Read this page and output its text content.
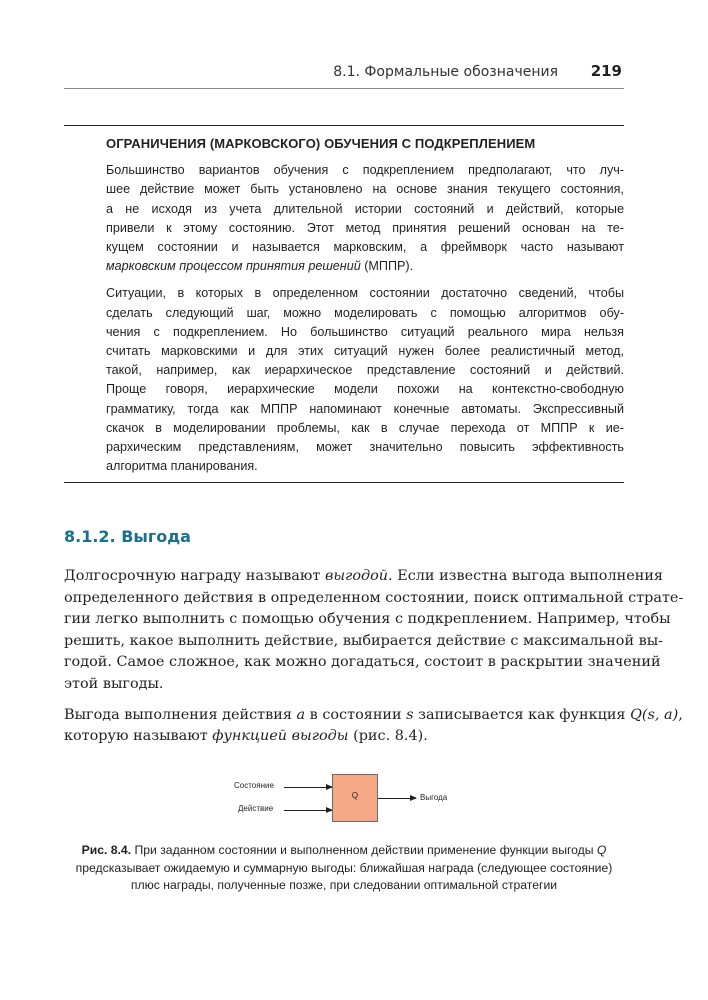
8.1. Формальные обозначения 219
ОГРАНИЧЕНИЯ (МАРКОВСКОГО) ОБУЧЕНИЯ С ПОДКРЕПЛЕНИЕМ

Большинство вариантов обучения с подкреплением предполагают, что луч-
шее действие может быть установлено на основе знания текущего состояния,
а не исходя из учета длительной истории состояний и действий, которые
привели к этому состоянию. Этот метод принятия решений основан на те-
кущем состоянии и называется марковским, а фреймворк часто называют
марковским процессом принятия решений (МППР).

Ситуации, в которых в определенном состоянии достаточно сведений, чтобы
сделать следующий шаг, можно моделировать с помощью алгоритмов обу-
чения с подкреплением. Но большинство ситуаций реального мира нельзя
считать марковскими и для этих ситуаций нужен более реалистичный метод,
такой, например, как иерархическое представление состояний и действий.
Проще говоря, иерархические модели похожи на контекстно-свободную
грамматику, тогда как МППР напоминают конечные автоматы. Экспрессивный
скачок в моделировании проблемы, как в случае перехода от МППР к ие-
рархическим представлениям, может значительно повысить эффективность
алгоритма планирования.

8.1.2. Выгода

Долгосрочную награду называют выгодой. Если известна выгода выполнения
определенного действия в определенном состоянии, поиск оптимальной страте-
гии легко выполнить с помощью обучения с подкреплением. Например, чтобы
решить, какое выполнить действие, выбирается действие с максимальной вы-
годой. Самое сложное, как можно догадаться, состоит в раскрытии значений
этой выгоды.

Выгода выполнения действия a в состоянии s записывается как функция Q(s, a),
которую называют функцией выгоды (рис. 8.4).

Состояние
Действие
Q	Выгода
Рис. 8.4. При заданном состоянии и выполненном действии применение функции выгоды Q
предсказывает ожидаемую и суммарную выгоды: ближайшая награда (следующее состояние)
плюс награды, полученные позже, при следовании оптимальной стратегии
